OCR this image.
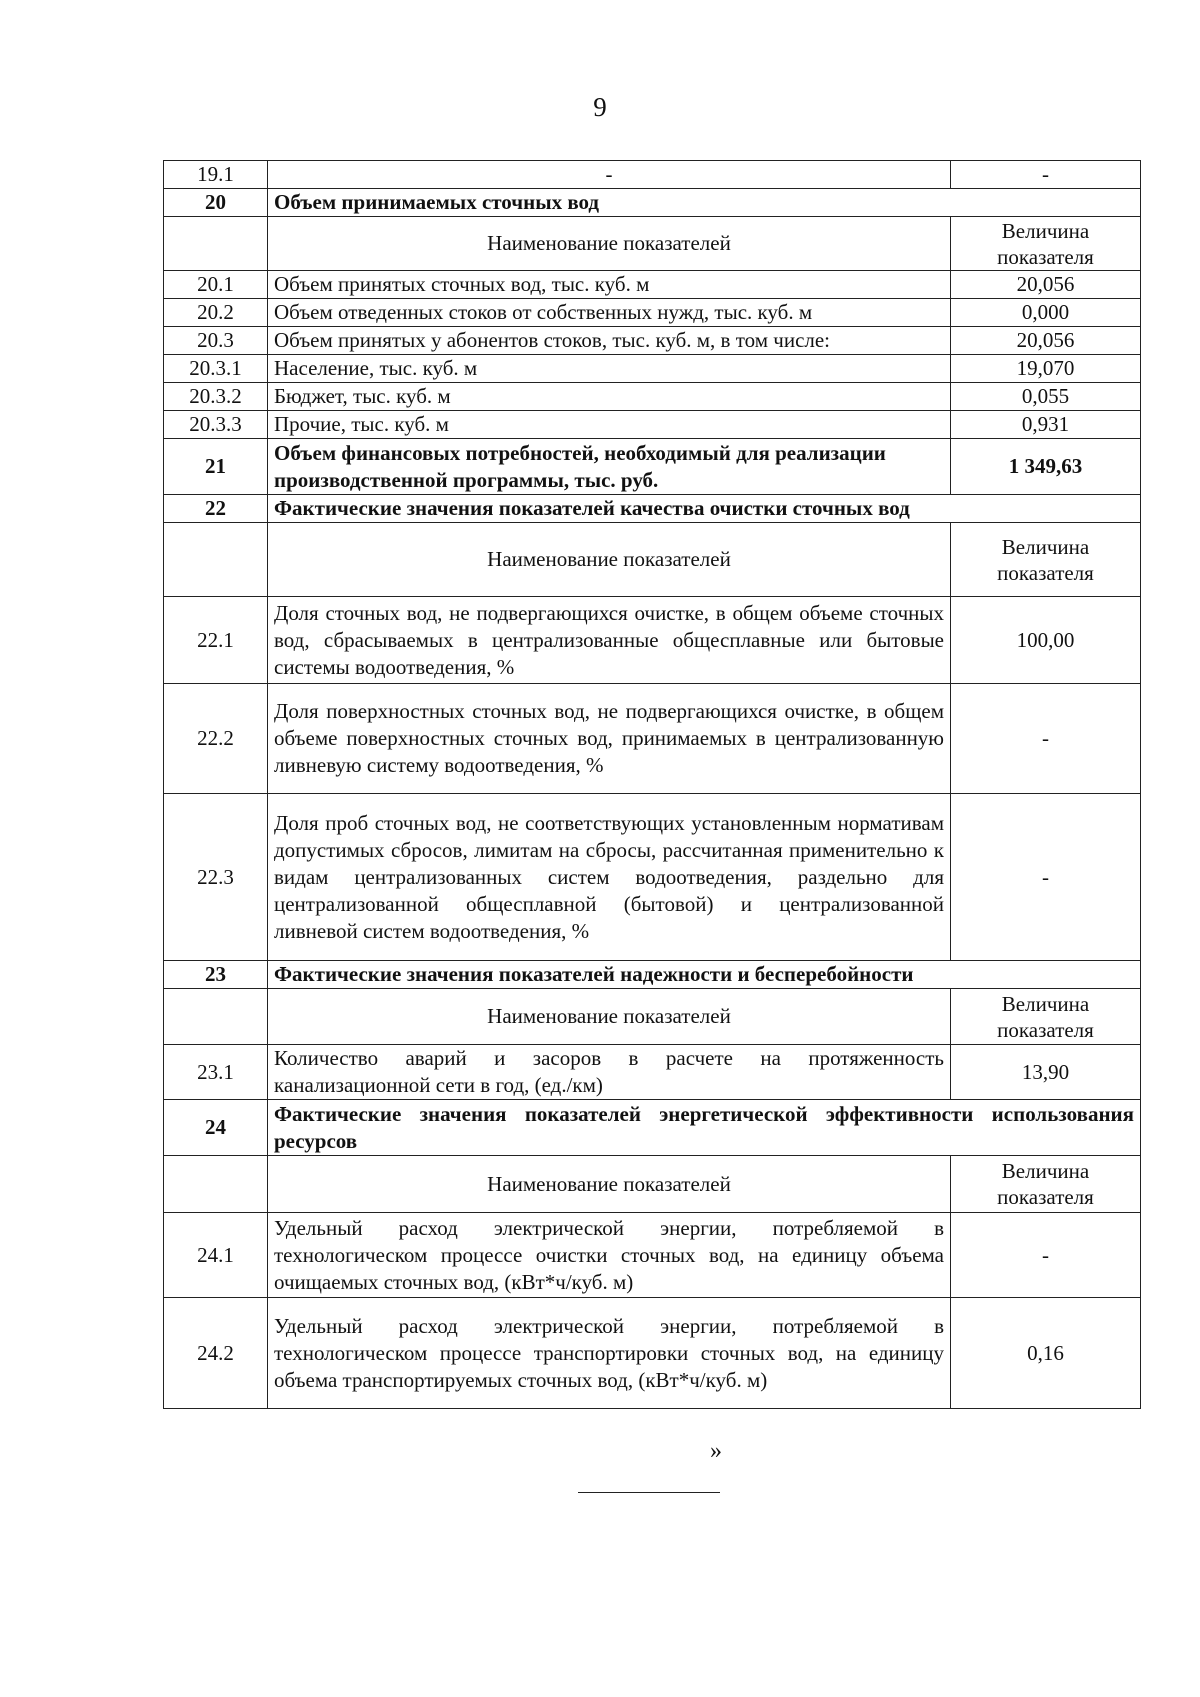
9
19.1	-	-
20	Объем принимаемых сточных вод	
	Наименование показателей	Величина показателя
20.1	Объем принятых сточных вод, тыс. куб. м	20,056
20.2	Объем отведенных стоков от собственных нужд, тыс. куб. м	0,000
20.3	Объем принятых у абонентов стоков, тыс. куб. м, в том числе:	20,056
20.3.1	Население, тыс. куб. м	19,070
20.3.2	Бюджет, тыс. куб. м	0,055
20.3.3	Прочие, тыс. куб. м	0,931
21	Объем финансовых потребностей, необходимый для реализации производственной программы, тыс. руб.	1 349,63
22	Фактические значения показателей качества очистки сточных вод	
	Наименование показателей	Величина показателя
22.1	Доля сточных вод, не подвергающихся очистке, в общем объеме сточных вод, сбрасываемых в централизованные общесплавные или бытовые системы водоотведения, %	100,00
22.2	Доля поверхностных сточных вод, не подвергающихся очистке, в общем объеме поверхностных сточных вод, принимаемых в централизованную ливневую систему водоотведения, %	-
22.3	Доля проб сточных вод, не соответствующих установленным нормативам допустимых сбросов, лимитам на сбросы, рассчитанная применительно к видам централизованных систем водоотведения, раздельно для централизованной общесплавной (бытовой) и централизованной ливневой систем водоотведения, %	-
23	Фактические значения показателей надежности и бесперебойности	
	Наименование показателей	Величина показателя
23.1	Количество аварий и засоров в расчете на протяженность канализационной сети в год, (ед./км)	13,90
24	Фактические значения показателей энергетической эффективности использования ресурсов	
	Наименование показателей	Величина показателя
24.1	Удельный расход электрической энергии, потребляемой в технологическом процессе очистки сточных вод, на единицу объема очищаемых сточных вод, (кВт*ч/куб. м)	-
24.2	Удельный расход электрической энергии, потребляемой в технологическом процессе транспортировки сточных вод, на единицу объема транспортируемых сточных вод, (кВт*ч/куб. м)	0,16
»
